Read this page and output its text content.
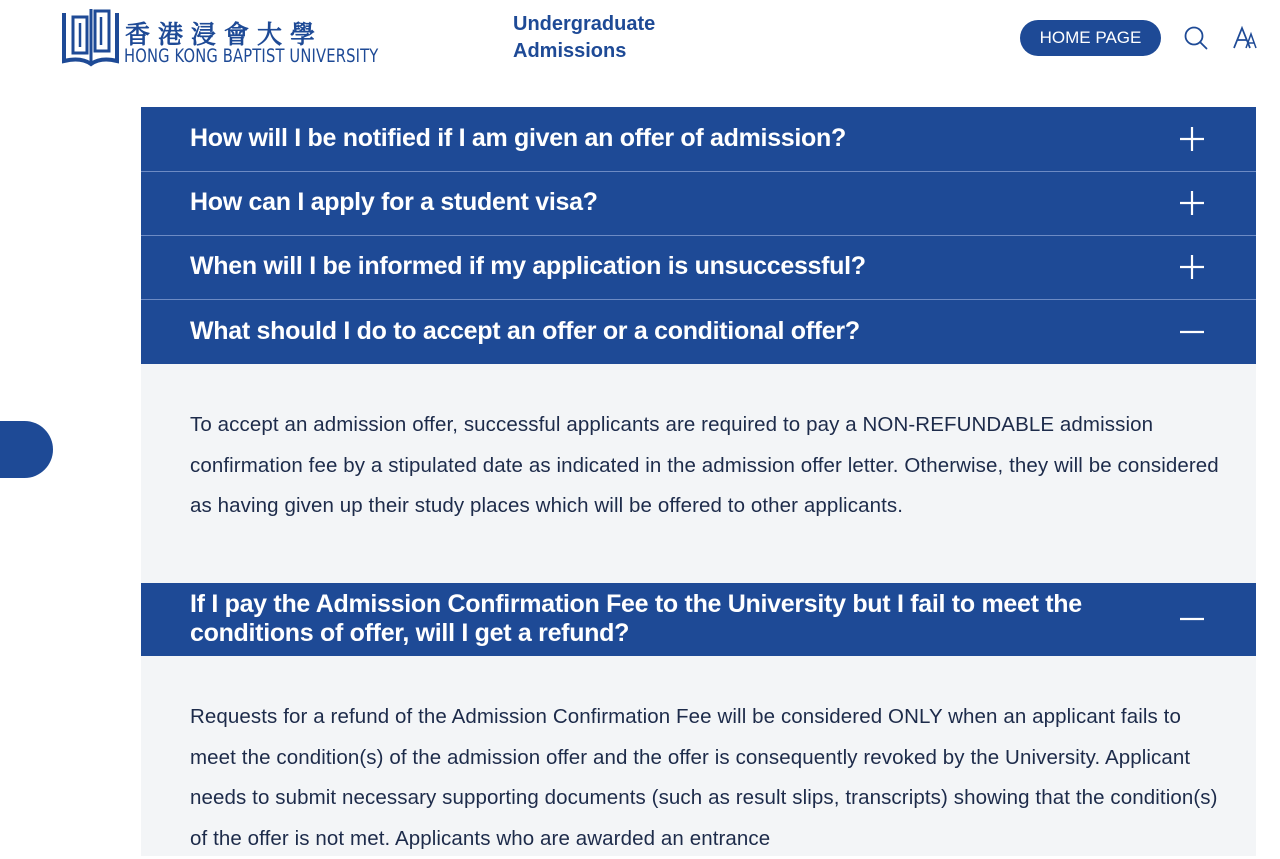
香港浸會大學
HONG KONG BAPTIST UNIVERSITY
Undergraduate
Admissions
HOME PAGE
How will I be notified if I am given an offer of admission?
How can I apply for a student visa?
When will I be informed if my application is unsuccessful?
What should I do to accept an offer or a conditional offer?
To accept an admission offer, successful applicants are required to pay a NON-REFUNDABLE admission confirmation fee by a stipulated date as indicated in the admission offer letter. Otherwise, they will be considered as having given up their study places which will be offered to other applicants.
If I pay the Admission Confirmation Fee to the University but I fail to meet the
conditions of offer, will I get a refund?
Requests for a refund of the Admission Confirmation Fee will be considered ONLY when an applicant fails to meet the condition(s) of the admission offer and the offer is consequently revoked by the University. Applicant needs to submit necessary supporting documents (such as result slips, transcripts) showing that the condition(s) of the offer is not met. Applicants who are awarded an entrance
